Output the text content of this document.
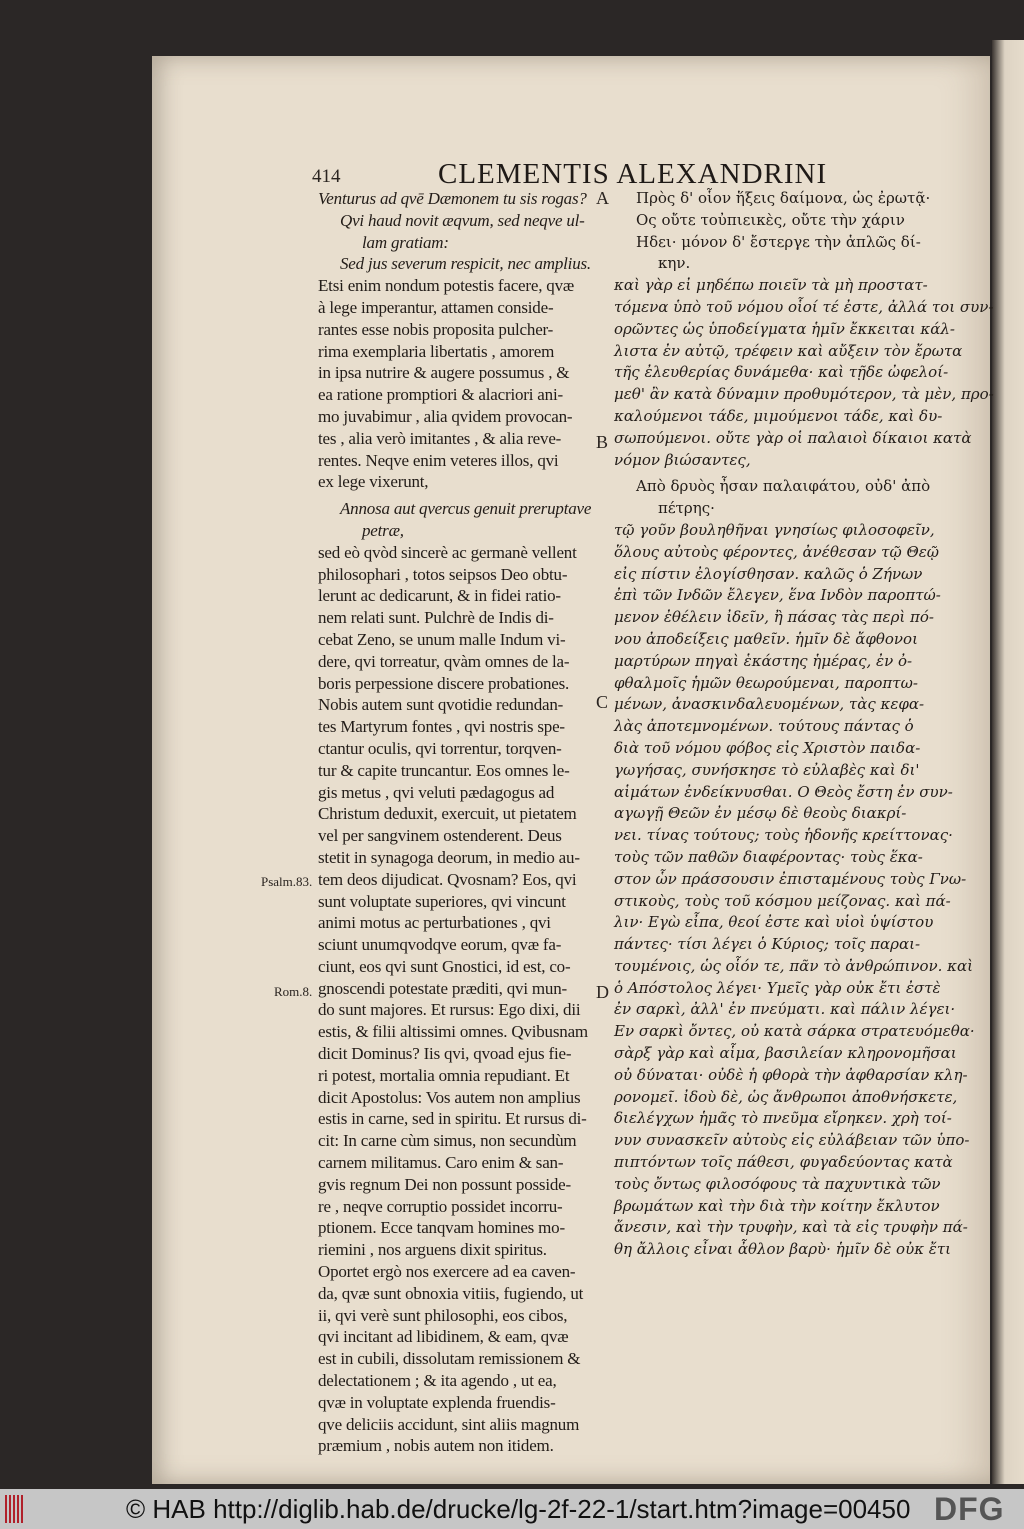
414	CLEMENTIS ALEXANDRINI
Venturus ad qvē Dæmonem tu sis rogas?
Qvi haud novit æqvum, sed neqve ul-
lam gratiam:
Sed jus severum respicit, nec amplius.
Etsi enim nondum potestis facere, qvæ
à lege imperantur, attamen conside-
rantes esse nobis proposita pulcher-
rima exemplaria libertatis , amorem
in ipsa nutrire & augere possumus , &
ea ratione promptiori & alacriori ani-
mo juvabimur , alia qvidem provocan-
tes , alia verò imitantes , & alia reve-
rentes. Neqve enim veteres illos, qvi
ex lege vixerunt,
Annosa aut qvercus genuit preruptave
petræ,
sed eò qvòd sincerè ac germanè vellent
philosophari , totos seipsos Deo obtu-
lerunt ac dedicarunt, & in fidei ratio-
nem relati sunt. Pulchrè de Indis di-
cebat Zeno, se unum malle Indum vi-
dere, qvi torreatur, qvàm omnes de la-
boris perpessione discere probationes.
Nobis autem sunt qvotidie redundan-
tes Martyrum fontes , qvi nostris spe-
ctantur oculis, qvi torrentur, torqven-
tur & capite truncantur. Eos omnes le-
gis metus , qvi veluti pædagogus ad
Christum deduxit, exercuit, ut pietatem
vel per sangvinem ostenderent. Deus
stetit in synagoga deorum, in medio au-
tem deos dijudicat. Qvosnam? Eos, qvi
sunt voluptate superiores, qvi vincunt
animi motus ac perturbationes , qvi
sciunt unumqvodqve eorum, qvæ fa-
ciunt, eos qvi sunt Gnostici, id est, co-
gnoscendi potestate præditi, qvi mun-
do sunt majores. Et rursus: Ego dixi, dii
estis, & filii altissimi omnes. Qvibusnam
dicit Dominus? Iis qvi, qvoad ejus fie-
ri potest, mortalia omnia repudiant. Et
dicit Apostolus: Vos autem non amplius
estis in carne, sed in spiritu. Et rursus di-
cit: In carne cùm simus, non secundùm
carnem militamus. Caro enim & san-
gvis regnum Dei non possunt posside-
re , neqve corruptio possidet incorru-
ptionem. Ecce tanqvam homines mo-
riemini , nos arguens dixit spiritus.
Oportet ergò nos exercere ad ea caven-
da, qvæ sunt obnoxia vitiis, fugiendo, ut
ii, qvi verè sunt philosophi, eos cibos,
qvi incitant ad libidinem, & eam, qvæ
est in cubili, dissolutam remissionem &
delectationem ; & ita agendo , ut ea,
qvæ in voluptate explenda fruendis-
qve deliciis accidunt, sint aliis magnum
præmium , nobis autem non itidem.
Πρὸς δ' οἷον ἥξεις δαίμονα, ὡς ἐρωτᾷ·
Ος οὔτε τοὐπιεικὲς, οὔτε τὴν χάριν
Ηδει· μόνον δ' ἔστεργε τὴν ἁπλῶς δί-
κην.
καὶ γὰρ εἰ μηδέπω ποιεῖν τὰ μὴ προστατ-
τόμενα ὑπὸ τοῦ νόμου οἷοί τέ ἐστε, ἀλλά τοι συν-
ορῶντες ὡς ὑποδείγματα ἡμῖν ἔκκειται κάλ-
λιστα ἐν αὐτῷ, τρέφειν καὶ αὔξειν τὸν ἔρωτα
τῆς ἐλευθερίας δυνάμεθα· καὶ τῇδε ὠφελοί-
μεθ' ἂν κατὰ δύναμιν προθυμότερον, τὰ μὲν, προ-
καλούμενοι τάδε, μιμούμενοι τάδε, καὶ δυ-
σωπούμενοι. οὔτε γὰρ οἱ παλαιοὶ δίκαιοι κατὰ
νόμον βιώσαντες,
Απὸ δρυὸς ἦσαν παλαιφάτου, οὐδ' ἀπὸ
πέτρης·
τῷ γοῦν βουληθῆναι γνησίως φιλοσοφεῖν,
ὅλους αὐτοὺς φέροντες, ἀνέθεσαν τῷ Θεῷ
εἰς πίστιν ἐλογίσθησαν. καλῶς ὁ Ζήνων
ἐπὶ τῶν Ινδῶν ἔλεγεν, ἕνα Ινδὸν παροπτώ-
μενον ἐθέλειν ἰδεῖν, ἢ πάσας τὰς περὶ πό-
νου ἀποδείξεις μαθεῖν. ἡμῖν δὲ ἄφθονοι
μαρτύρων πηγαὶ ἑκάστης ἡμέρας, ἐν ὀ-
φθαλμοῖς ἡμῶν θεωρούμεναι, παροπτω-
μένων, ἀνασκινδαλευομένων, τὰς κεφα-
λὰς ἀποτεμνομένων. τούτους πάντας ὁ
διὰ τοῦ νόμου φόβος εἰς Χριστὸν παιδα-
γωγήσας, συνήσκησε τὸ εὐλαβὲς καὶ δι'
αἱμάτων ἐνδείκνυσθαι. Ο Θεὸς ἔστη ἐν συν-
αγωγῇ Θεῶν ἐν μέσῳ δὲ θεοὺς διακρί-
νει. τίνας τούτους; τοὺς ἡδονῆς κρείττονας·
τοὺς τῶν παθῶν διαφέροντας· τοὺς ἕκα-
στον ὧν πράσσουσιν ἐπισταμένους τοὺς Γνω-
στικοὺς, τοὺς τοῦ κόσμου μείζονας. καὶ πά-
λιν· Εγὼ εἶπα, θεοί ἐστε καὶ υἱοὶ ὑψίστου
πάντες· τίσι λέγει ὁ Κύριος; τοῖς παραι-
τουμένοις, ὡς οἷόν τε, πᾶν τὸ ἀνθρώπινον. καὶ
ὁ Απόστολος λέγει· Υμεῖς γὰρ οὐκ ἔτι ἐστὲ
ἐν σαρκὶ, ἀλλ' ἐν πνεύματι. καὶ πάλιν λέγει·
Εν σαρκὶ ὄντες, οὐ κατὰ σάρκα στρατευόμεθα·
σὰρξ γὰρ καὶ αἷμα, βασιλείαν κληρονομῆσαι
οὐ δύναται· οὐδὲ ἡ φθορὰ τὴν ἀφθαρσίαν κλη-
ρονομεῖ. ἰδοὺ δὲ, ὡς ἄνθρωποι ἀποθνήσκετε,
διελέγχων ἡμᾶς τὸ πνεῦμα εἴρηκεν. χρὴ τοί-
νυν συνασκεῖν αὐτοὺς εἰς εὐλάβειαν τῶν ὑπο-
πιπτόντων τοῖς πάθεσι, φυγαδεύοντας κατὰ
τοὺς ὄντως φιλοσόφους τὰ παχυντικὰ τῶν
βρωμάτων καὶ τὴν διὰ τὴν κοίτην ἔκλυτον
ἄνεσιν, καὶ τὴν τρυφὴν, καὶ τὰ εἰς τρυφὴν πά-
θη ἄλλοις εἶναι ἆθλον βαρὺ· ἡμῖν δὲ οὐκ ἔτι
Psalm.83.
Rom.8.
A
B
C
D
© HAB http://diglib.hab.de/drucke/lg-2f-22-1/start.htm?image=00450 DFG
